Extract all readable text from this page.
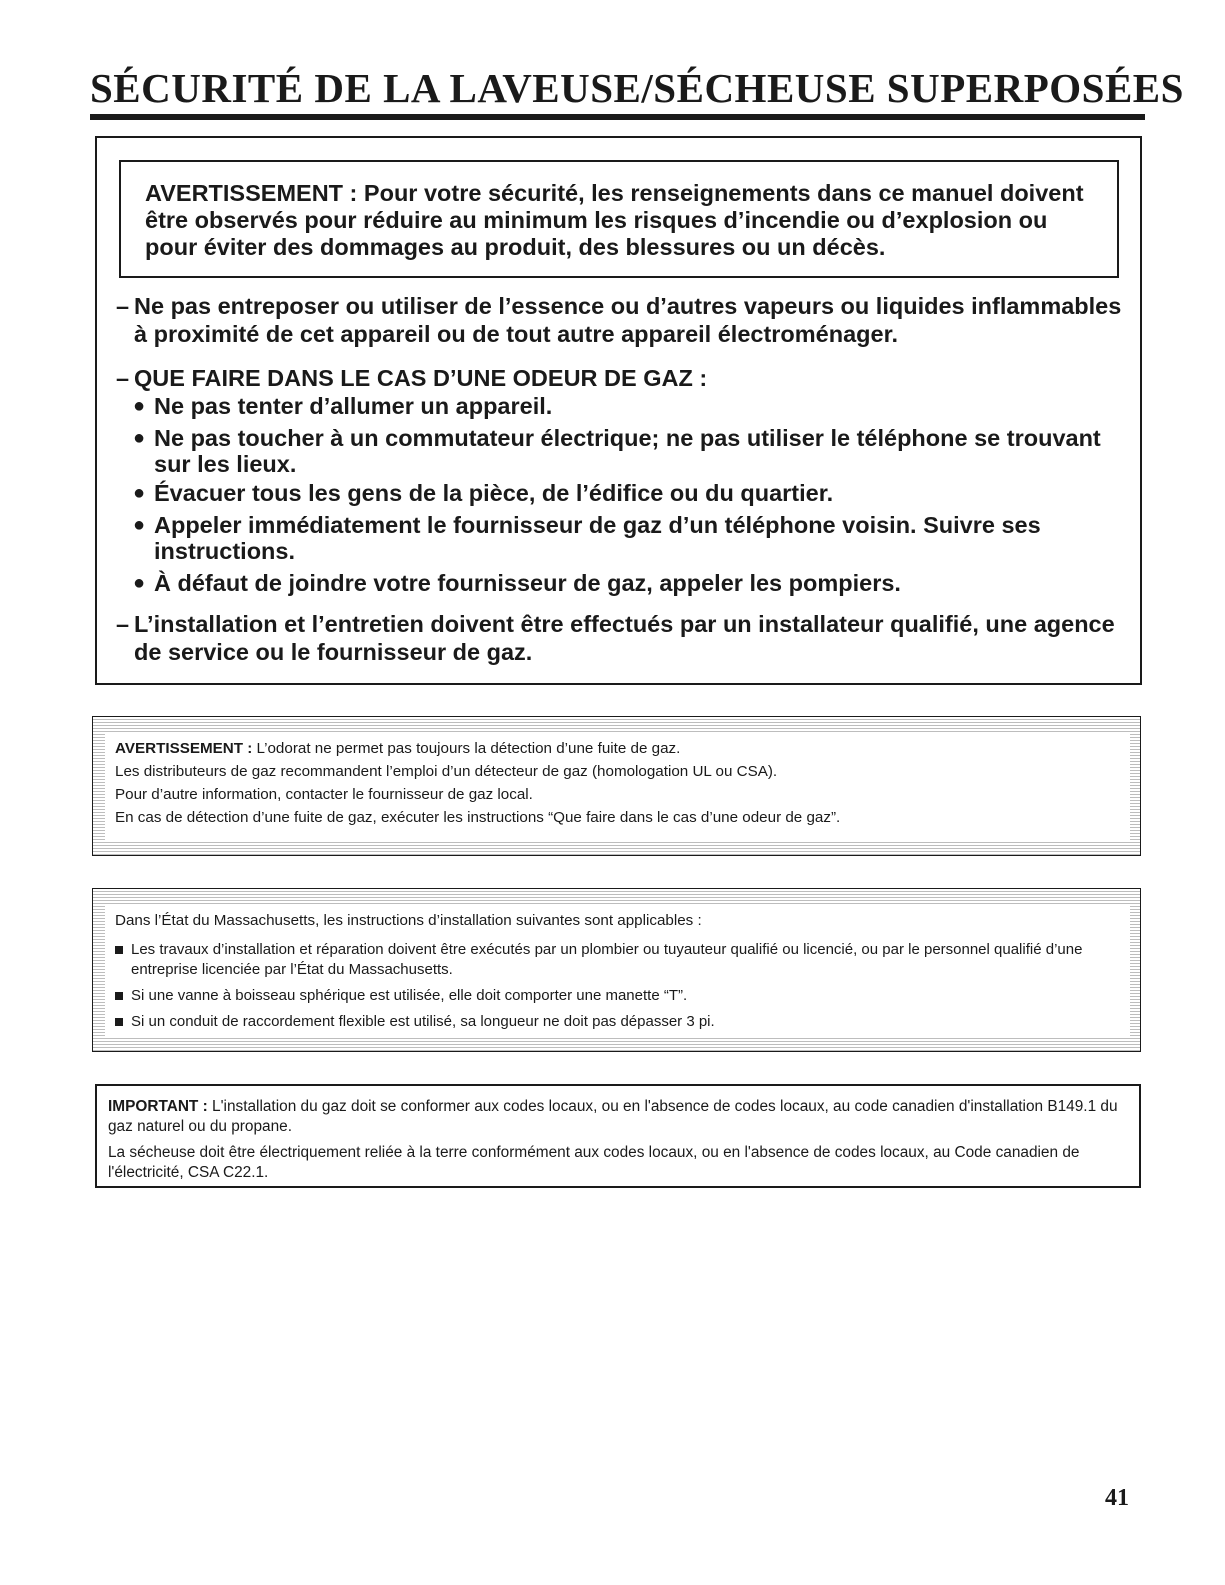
SÉCURITÉ DE LA LAVEUSE/SÉCHEUSE SUPERPOSÉES

AVERTISSEMENT : Pour votre sécurité, les renseignements dans ce manuel doivent être observés pour réduire au minimum les risques d’incendie ou d’explosion ou pour éviter des dommages au produit, des blessures ou un décès.

– Ne pas entreposer ou utiliser de l’essence ou d’autres vapeurs ou liquides inflammables à proximité de cet appareil ou de tout autre appareil électroménager.
– QUE FAIRE DANS LE CAS D’UNE ODEUR DE GAZ :
● Ne pas tenter d’allumer un appareil.
● Ne pas toucher à un commutateur électrique; ne pas utiliser le téléphone se trouvant sur les lieux.
● Évacuer tous les gens de la pièce, de l’édifice ou du quartier.
● Appeler immédiatement le fournisseur de gaz d’un téléphone voisin. Suivre ses instructions.
● À défaut de joindre votre fournisseur de gaz, appeler les pompiers.
– L’installation et l’entretien doivent être effectués par un installateur qualifié, une agence de service ou le fournisseur de gaz.

AVERTISSEMENT : L’odorat ne permet pas toujours la détection d’une fuite de gaz.

Les distributeurs de gaz recommandent l’emploi d’un détecteur de gaz (homologation UL ou CSA).

Pour d’autre information, contacter le fournisseur de gaz local.

En cas de détection d’une fuite de gaz, exécuter les instructions “Que faire dans le cas d’une odeur de gaz”.

Dans l’État du Massachusetts, les instructions d’installation suivantes sont applicables :

Les travaux d’installation et réparation doivent être exécutés par un plombier ou tuyauteur qualifié ou licencié, ou par le personnel qualifié d’une entreprise licenciée par l’État du Massachusetts.
Si une vanne à boisseau sphérique est utilisée, elle doit comporter une manette “T”.
Si un conduit de raccordement flexible est utilisé, sa longueur ne doit pas dépasser 3 pi.

IMPORTANT : L'installation du gaz doit se conformer aux codes locaux, ou en l'absence de codes locaux, au code canadien d'installation B149.1 du gaz naturel ou du propane.

La sécheuse doit être électriquement reliée à la terre conformément aux codes locaux, ou en l'absence de codes locaux, au Code canadien de l'électricité, CSA C22.1.

41
